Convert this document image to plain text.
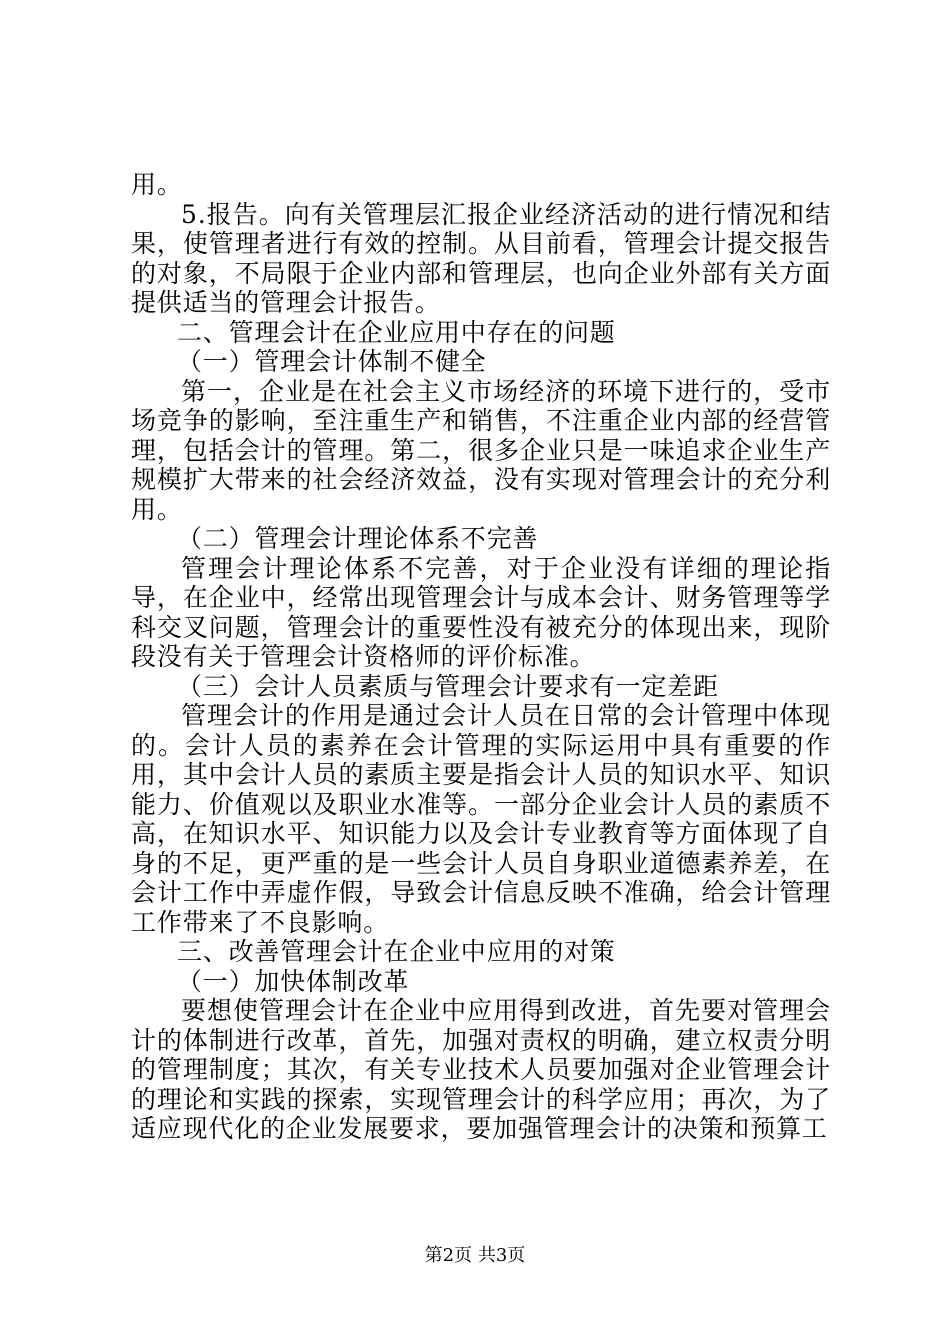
用。

5.报告。向有关管理层汇报企业经济活动的进行情况和结果，使管理者进行有效的控制。从目前看，管理会计提交报告的对象，不局限于企业内部和管理层，也向企业外部有关方面提供适当的管理会计报告。

二、管理会计在企业应用中存在的问题

（一）管理会计体制不健全

第一，企业是在社会主义市场经济的环境下进行的，受市场竞争的影响，至注重生产和销售，不注重企业内部的经营管理，包括会计的管理。第二，很多企业只是一味追求企业生产规模扩大带来的社会经济效益，没有实现对管理会计的充分利用。

（二）管理会计理论体系不完善

管理会计理论体系不完善，对于企业没有详细的理论指导，在企业中，经常出现管理会计与成本会计、财务管理等学科交叉问题，管理会计的重要性没有被充分的体现出来，现阶段没有关于管理会计资格师的评价标准。

（三）会计人员素质与管理会计要求有一定差距

管理会计的作用是通过会计人员在日常的会计管理中体现的。会计人员的素养在会计管理的实际运用中具有重要的作用，其中会计人员的素质主要是指会计人员的知识水平、知识能力、价值观以及职业水准等。一部分企业会计人员的素质不高，在知识水平、知识能力以及会计专业教育等方面体现了自身的不足，更严重的是一些会计人员自身职业道德素养差，在会计工作中弄虚作假，导致会计信息反映不准确，给会计管理工作带来了不良影响。

三、改善管理会计在企业中应用的对策

（一）加快体制改革

要想使管理会计在企业中应用得到改进，首先要对管理会计的体制进行改革，首先，加强对责权的明确，建立权责分明的管理制度；其次，有关专业技术人员要加强对企业管理会计的理论和实践的探索，实现管理会计的科学应用；再次，为了适应现代化的企业发展要求，要加强管理会计的决策和预算工

第2页 共3页
